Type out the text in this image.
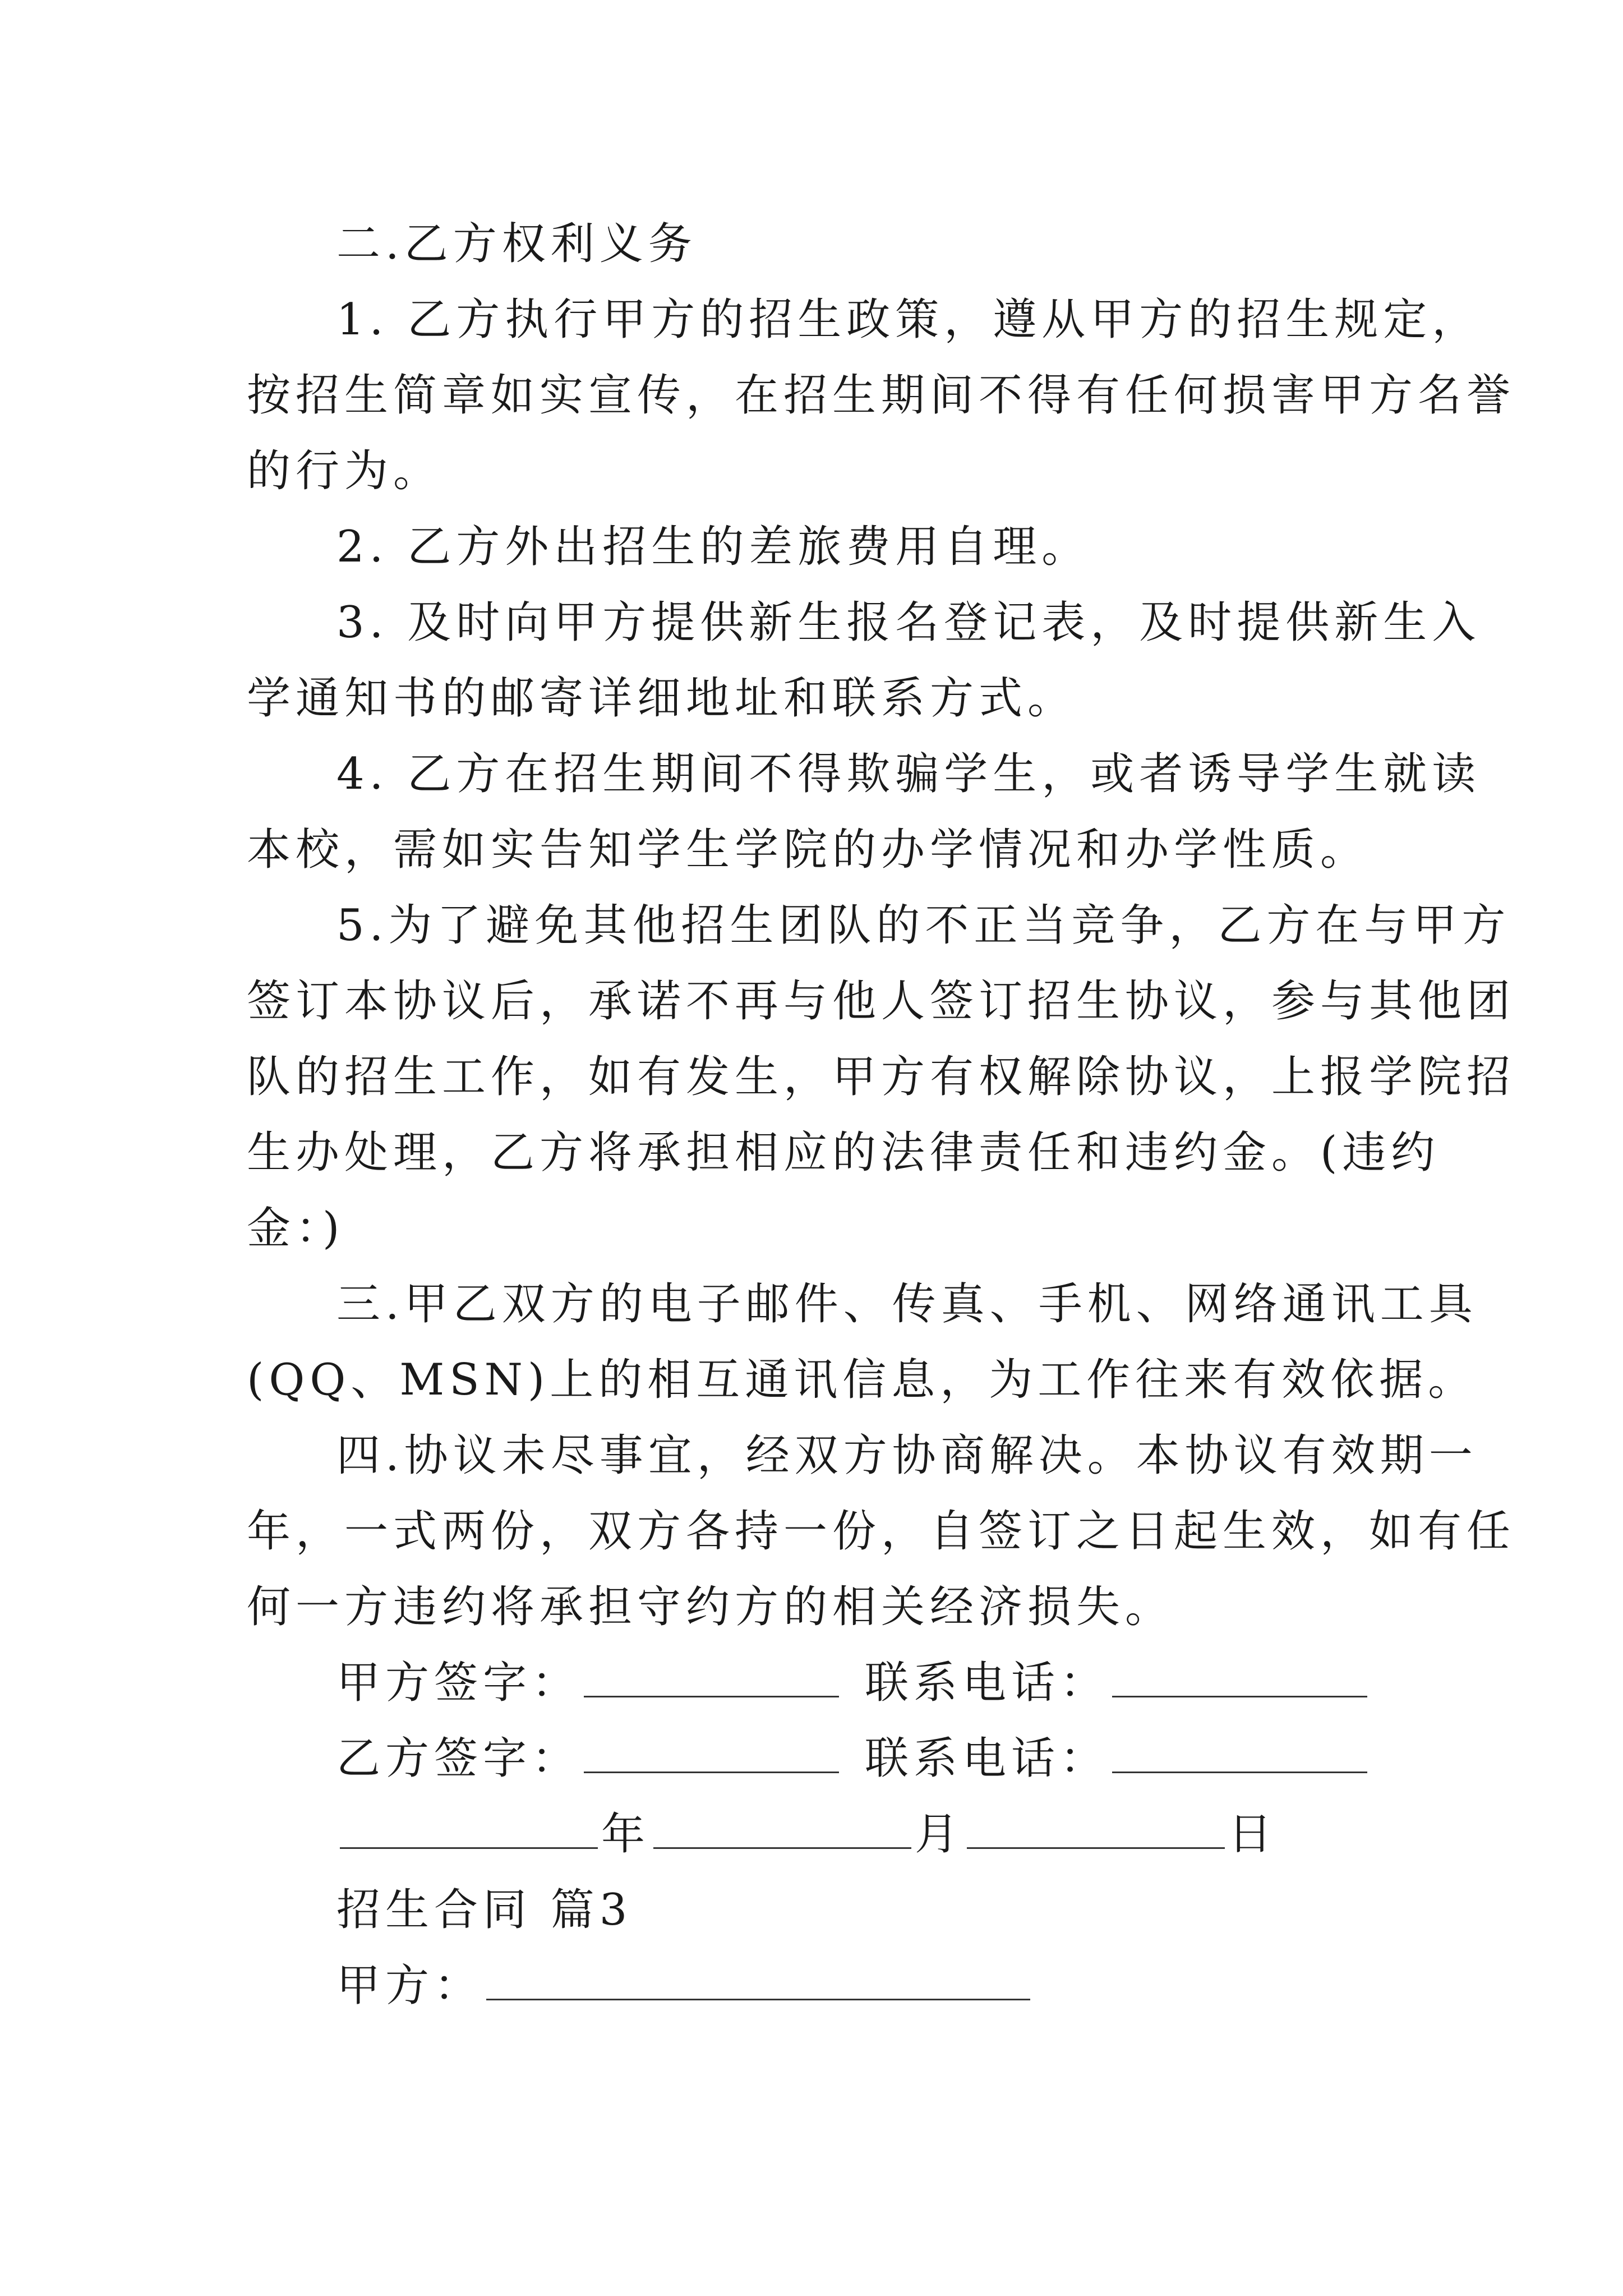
二.乙方权利义务
1. 乙方执行甲方的招生政策，遵从甲方的招生规定，
按招生简章如实宣传，在招生期间不得有任何损害甲方名誉
的行为。
2. 乙方外出招生的差旅费用自理。
3. 及时向甲方提供新生报名登记表，及时提供新生入
学通知书的邮寄详细地址和联系方式。
4. 乙方在招生期间不得欺骗学生，或者诱导学生就读
本校，需如实告知学生学院的办学情况和办学性质。
5.为了避免其他招生团队的不正当竞争，乙方在与甲方
签订本协议后，承诺不再与他人签订招生协议，参与其他团
队的招生工作，如有发生，甲方有权解除协议，上报学院招
生办处理，乙方将承担相应的法律责任和违约金。(违约
金：)
三.甲乙双方的电子邮件、传真、手机、网络通讯工具
(QQ、MSN)上的相互通讯信息，为工作往来有效依据。
四.协议未尽事宜，经双方协商解决。本协议有效期一
年，一式两份，双方各持一份，自签订之日起生效，如有任
何一方违约将承担守约方的相关经济损失。
甲方签字：	联系电话：
乙方签字：	联系电话：
年	月	日
招生合同 篇3
甲方：
